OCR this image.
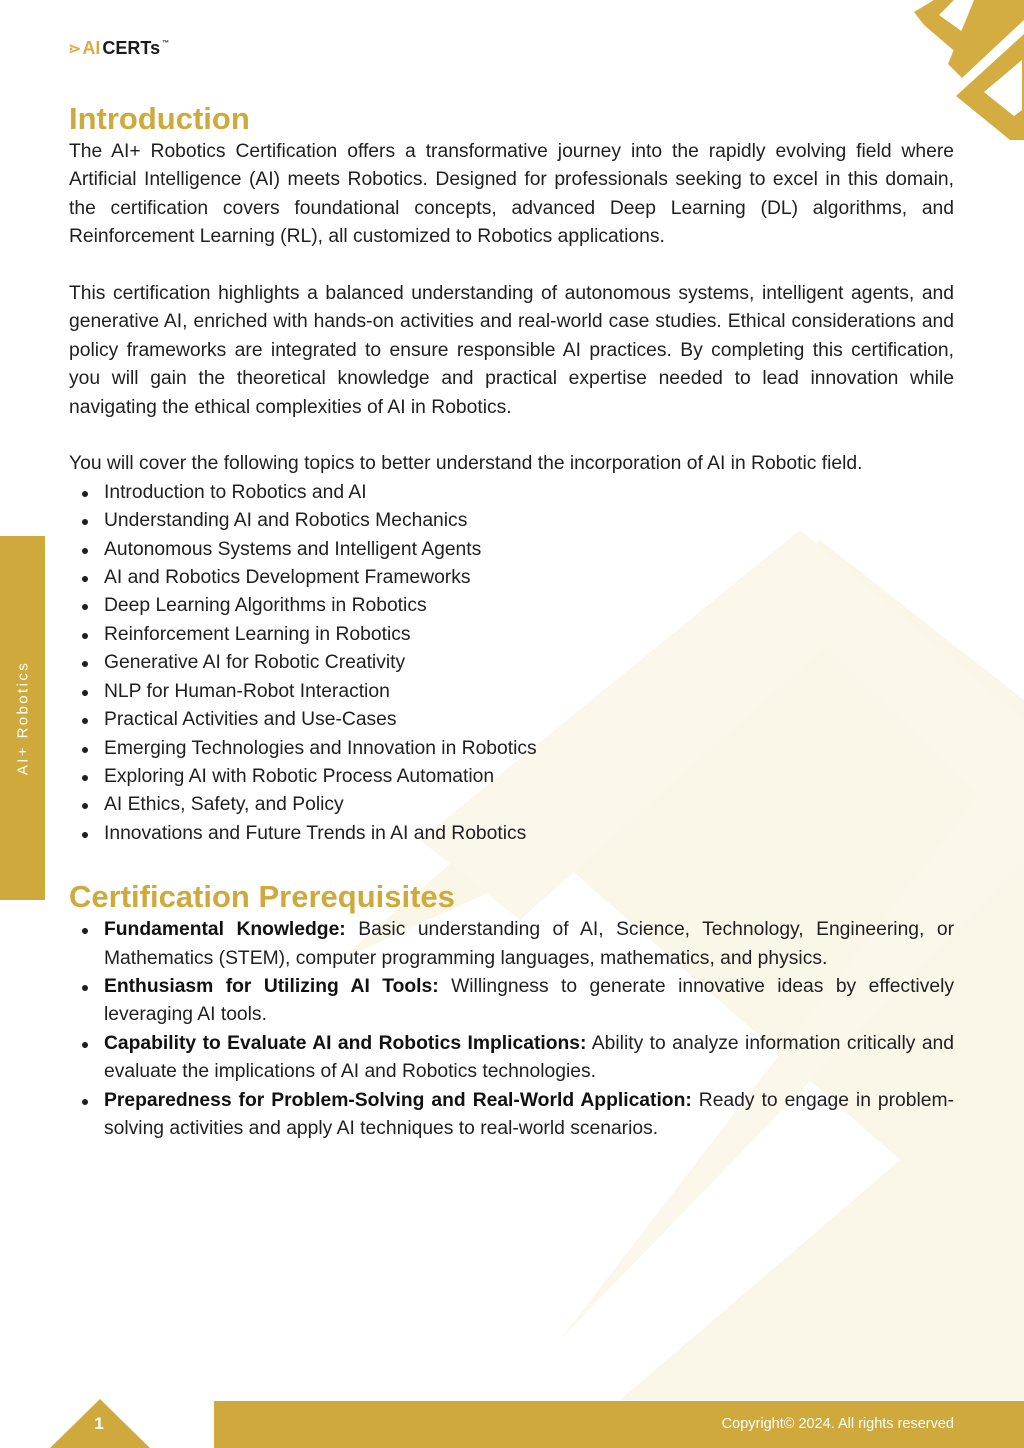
⋗ AI CERTs ™
AI+ Robotics
Introduction

The AI+ Robotics Certification offers a transformative journey into the rapidly evolving field where Artificial Intelligence (AI) meets Robotics. Designed for professionals seeking to excel in this domain, the certification covers foundational concepts, advanced Deep Learning (DL) algorithms, and Reinforcement Learning (RL), all customized to Robotics applications.

This certification highlights a balanced understanding of autonomous systems, intelligent agents, and generative AI, enriched with hands-on activities and real-world case studies. Ethical considerations and policy frameworks are integrated to ensure responsible AI practices. By completing this certification, you will gain the theoretical knowledge and practical expertise needed to lead innovation while navigating the ethical complexities of AI in Robotics.

You will cover the following topics to better understand the incorporation of AI in Robotic field.

Introduction to Robotics and AI
Understanding AI and Robotics Mechanics
Autonomous Systems and Intelligent Agents
AI and Robotics Development Frameworks
Deep Learning Algorithms in Robotics
Reinforcement Learning in Robotics
Generative AI for Robotic Creativity
NLP for Human-Robot Interaction
Practical Activities and Use-Cases
Emerging Technologies and Innovation in Robotics
Exploring AI with Robotic Process Automation
AI Ethics, Safety, and Policy
Innovations and Future Trends in AI and Robotics
Certification Prerequisites
Fundamental Knowledge: Basic understanding of AI, Science, Technology, Engineering, or Mathematics (STEM), computer programming languages, mathematics, and physics.
Enthusiasm for Utilizing AI Tools: Willingness to generate innovative ideas by effectively leveraging AI tools.
Capability to Evaluate AI and Robotics Implications: Ability to analyze information critically and evaluate the implications of AI and Robotics technologies.
Preparedness for Problem-Solving and Real-World Application: Ready to engage in problem-solving activities and apply AI techniques to real-world scenarios.
1	Copyright© 2024. All rights reserved
